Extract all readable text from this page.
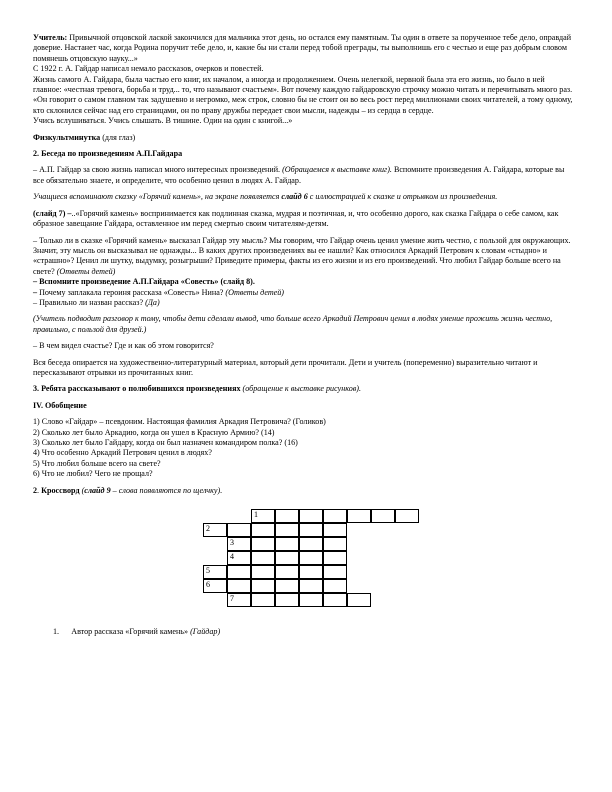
Учитель: Привычной отцовской лаской закончился для мальчика этот день, но остался ему памятным. Ты один в ответе за порученное тебе дело, оправдай доверие. Настанет час, когда Родина поручит тебе дело, и, какие бы ни стали перед тобой преграды, ты выполнишь его с честью и еще раз добрым словом помянешь отцовскую науку...»

С 1922 г. А. Гайдар написал немало рассказов, очерков и повестей.

Жизнь самого А. Гайдара, была частью его книг, их началом, а иногда и продолжением. Очень нелегкой, нервной была эта его жизнь, но было в ней главное: «честная тревога, борьба и труд... то, что называют счастьем». Вот почему каждую гайдаровскую строчку можно читать и перечитывать много раз. «Он говорит о самом главном так задушевно и негромко, меж строк, словно бы не стоит он во весь рост перед миллионами своих читателей, а тому одному, кто склонился сейчас над его страницами, он по праву дружбы передает свои мысли, надежды – из сердца в сердце.

Учись вслушиваться. Учись слышать. В тишине. Один на один с книгой...»

Физкультминутка (для глаз)

2. Беседа по произведениям А.П.Гайдара

– А.П. Гайдар за свою жизнь написал много интересных произведений. (Обращаемся к выставке книг). Вспомните произведения А. Гайдара, которые вы все обязательно знаете, и определите, что особенно ценил в людях А. Гайдар.

Учащиеся вспоминают сказку «Горячий камень», на экране появляется слайд 6 с иллюстрацией к сказке и отрывком из произведения.

(слайд 7) –..«Горячий камень» воспринимается как подлинная сказка, мудрая и поэтичная, и, что особенно дорого, как сказка Гайдара о себе самом, как образное завещание Гайдара, оставленное им перед смертью своим читателям-детям.

– Только ли в сказке «Горячий камень» высказал Гайдар эту мысль? Мы говорим, что Гайдар очень ценил умение жить честно, с пользой для окружающих. Значит, эту мысль он высказывал не однажды... В каких других произведениях вы ее нашли? Как относился Аркадий Петрович к словам «стыдно» и «страшно»? Ценил ли шутку, выдумку, розыгрыши? Приведите примеры, факты из его жизни и из его произведений. Что любил Гайдар больше всего на свете? (Ответы детей)

– Вспомните произведение А.П.Гайдара «Совесть» (слайд 8).

– Почему заплакала героиня рассказа «Совесть» Нина? (Ответы детей)

– Правильно ли назван рассказ? (Да)

(Учитель подводит разговор к тому, чтобы дети сделали вывод, что больше всего Аркадий Петрович ценил в людях умение прожить жизнь честно, правильно, с пользой для друзей.)

– В чем видел счастье? Где и как об этом говорится?

Вся беседа опирается на художественно-литературный материал, который дети прочитали. Дети и учитель (попеременно) выразительно читают и пересказывают отрывки из прочитанных книг.

3. Ребята рассказывают о полюбившихся произведениях (обращение к выставке рисунков).

IV. Обобщение

1) Слово «Гайдар» – псевдоним. Настоящая фамилия Аркадия Петровича? (Голиков)

2) Сколько лет было Аркадию, когда он ушел в Красную Армию? (14)

3) Сколько лет было Гайдару, когда он был назначен командиром полка? (16)

4) Что особенно Аркадий Петрович ценил в людях?

5) Что любил больше всего на свете?

6) Что не любил? Чего не прощал?

2. Кроссворд (слайд 9 – слова появляются по щелчку).

1
2
3
4
5
6
7

1. Автор рассказа «Горячий камень» (Гайдар)
